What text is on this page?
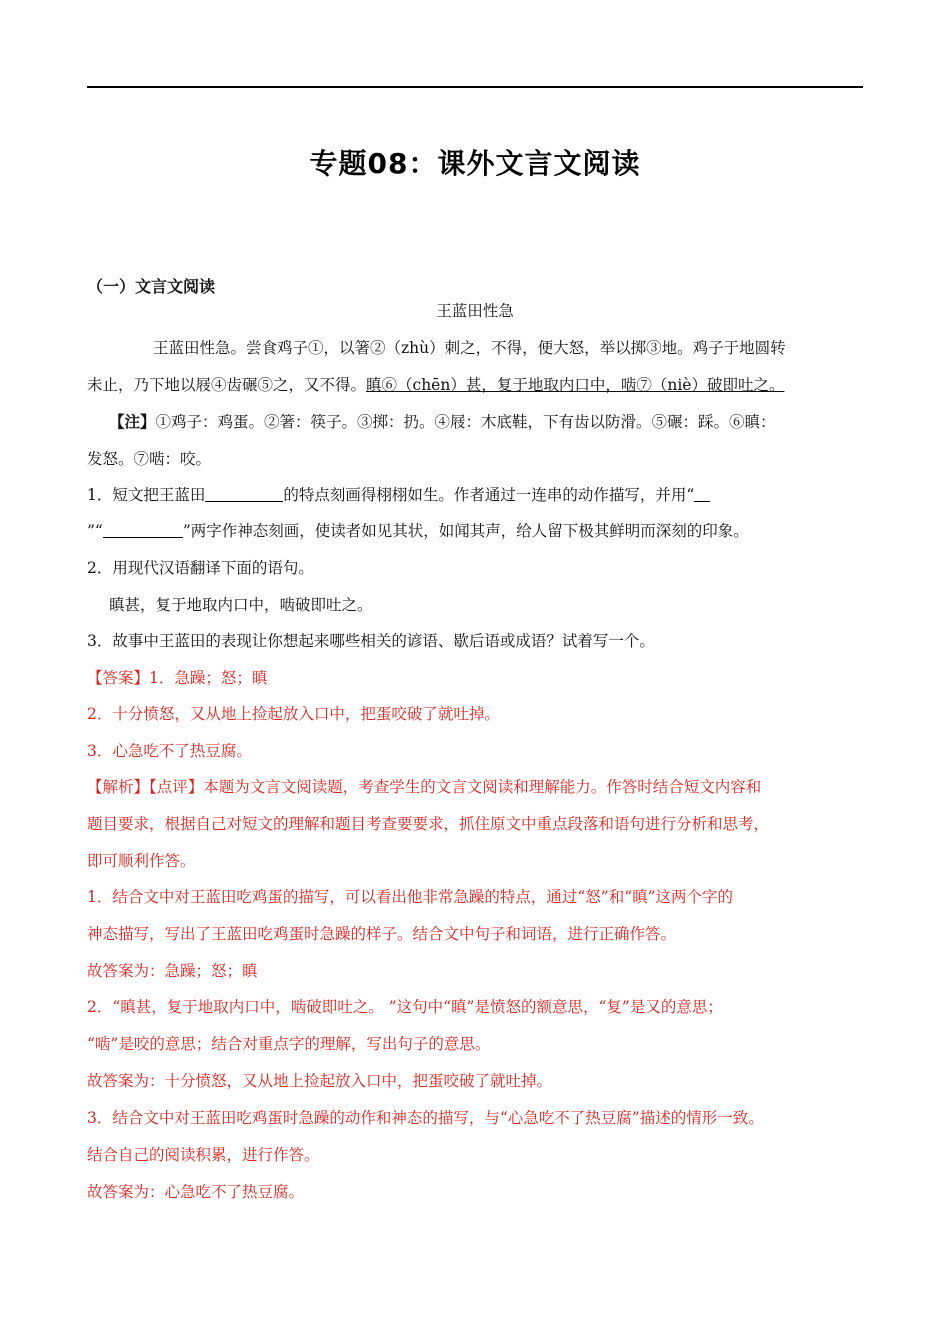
专题08：课外文言文阅读
（一）文言文阅读
王蓝田性急
王蓝田性急。尝食鸡子①，以箸②（zhù）刺之，不得，便大怒，举以掷③地。鸡子于地圆转
未止，乃下地以屐④齿碾⑤之，又不得。瞋⑥（chēn）甚，复于地取内口中，啮⑦（niè）破即吐之。
【注】①鸡子：鸡蛋。②箸：筷子。③掷：扔。④屐：木底鞋，下有齿以防滑。⑤碾：踩。⑥瞋：
发怒。⑦啮：咬。
1．短文把王蓝田	的特点刻画得栩栩如生。作者通过一连串的动作描写，并用“
”“	”两字作神态刻画，使读者如见其状，如闻其声，给人留下极其鲜明而深刻的印象。
2．用现代汉语翻译下面的语句。
瞋甚，复于地取内口中，啮破即吐之。
3．故事中王蓝田的表现让你想起来哪些相关的谚语、歇后语或成语？试着写一个。
【答案】1．急躁；怒；瞋
2．十分愤怒，又从地上捡起放入口中，把蛋咬破了就吐掉。
3．心急吃不了热豆腐。
【解析】【点评】本题为文言文阅读题，考查学生的文言文阅读和理解能力。作答时结合短文内容和
题目要求，根据自己对短文的理解和题目考查要要求，抓住原文中重点段落和语句进行分析和思考，
即可顺利作答。
1．结合文中对王蓝田吃鸡蛋的描写，可以看出他非常急躁的特点，通过“怒”和“瞋”这两个字的
神态描写，写出了王蓝田吃鸡蛋时急躁的样子。结合文中句子和词语，进行正确作答。
故答案为：急躁；怒；瞋
2．“瞋甚，复于地取内口中，啮破即吐之。 ”这句中“瞋”是愤怒的额意思，“复”是又的意思；
“啮”是咬的意思；结合对重点字的理解，写出句子的意思。
故答案为：十分愤怒，又从地上捡起放入口中，把蛋咬破了就吐掉。
3．结合文中对王蓝田吃鸡蛋时急躁的动作和神态的描写，与“心急吃不了热豆腐”描述的情形一致。
结合自己的阅读积累，进行作答。
故答案为：心急吃不了热豆腐。
